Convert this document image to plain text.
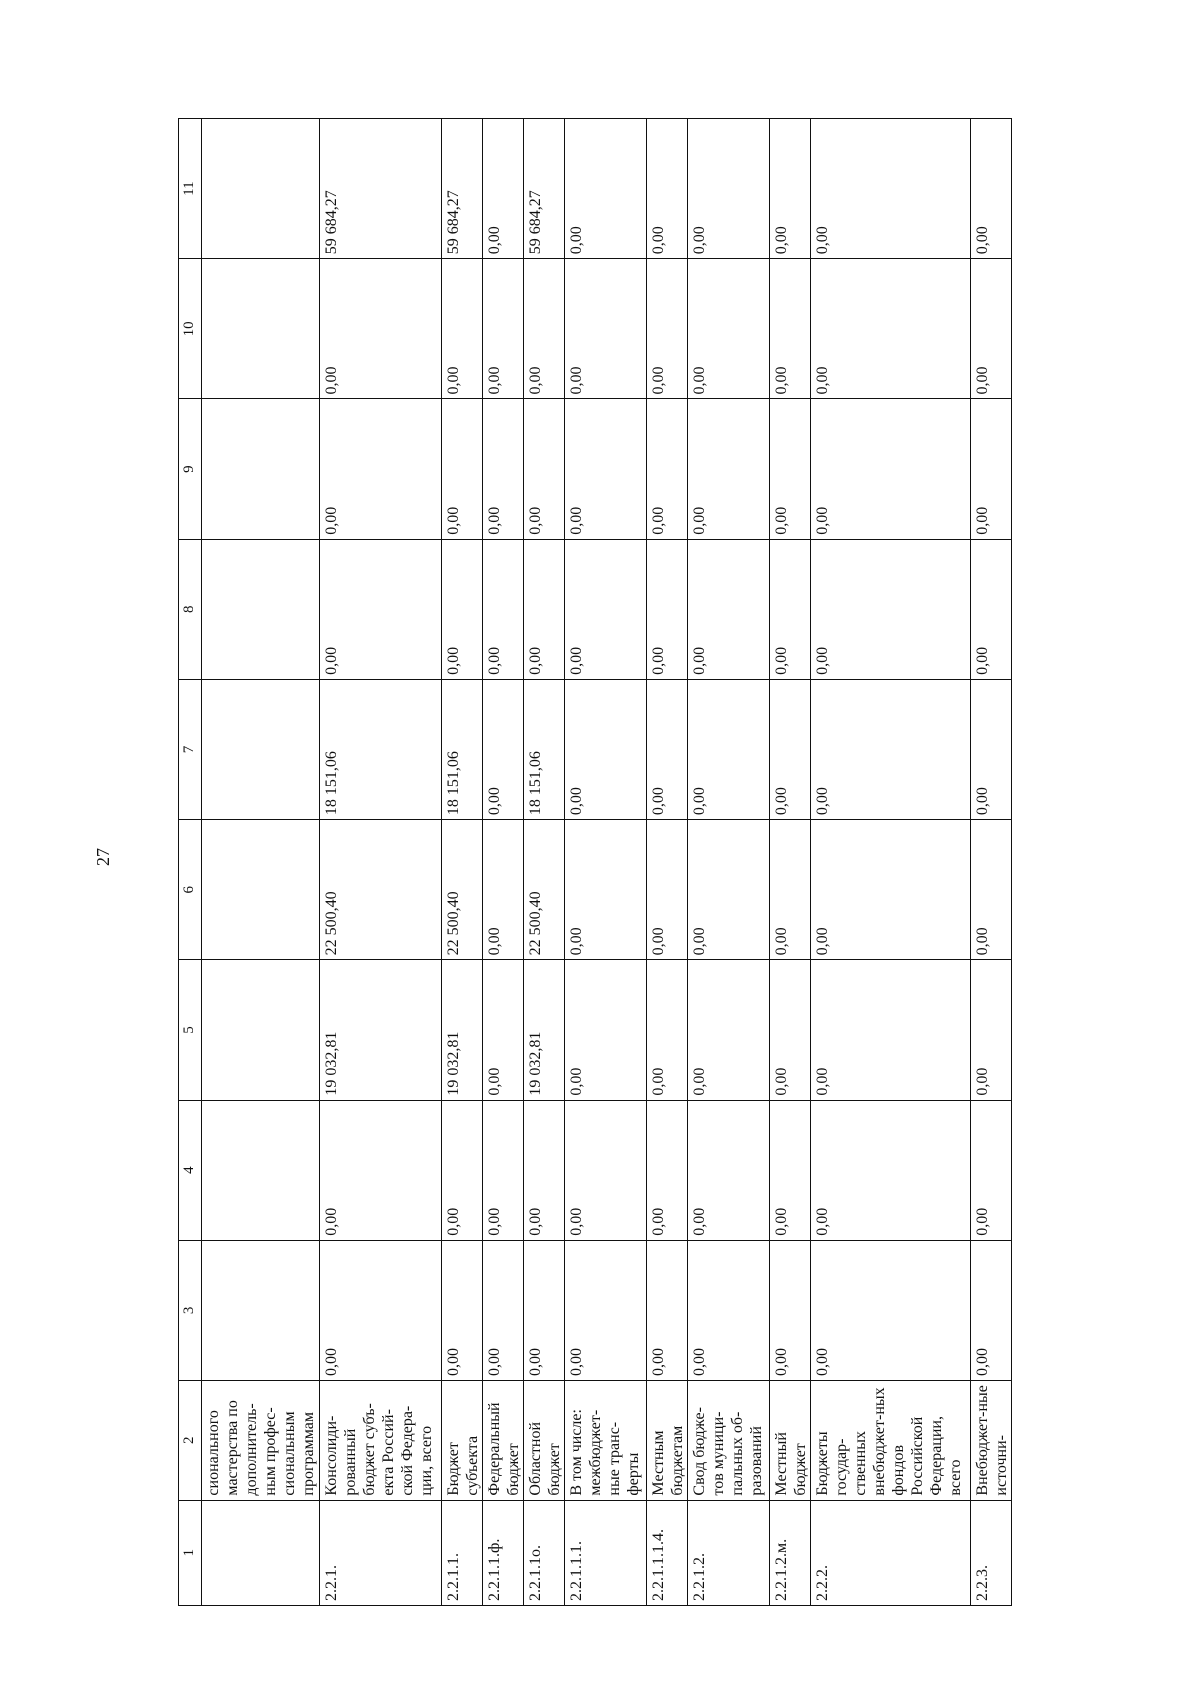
27
1	2	3	4	5	6	7	8	9	10	11
	сионального мастерства по дополнитель-ным профес-сиональным программам									
2.2.1.	Консолиди-рованный бюджет субъ-екта Россий-ской Федера-ции, всего	0,00	0,00	19 032,81	22 500,40	18 151,06	0,00	0,00	0,00	59 684,27
2.2.1.1.	Бюджет субъекта	0,00	0,00	19 032,81	22 500,40	18 151,06	0,00	0,00	0,00	59 684,27
2.2.1.1.ф.	Федеральный бюджет	0,00	0,00	0,00	0,00	0,00	0,00	0,00	0,00	0,00
2.2.1.1о.	Областной бюджет	0,00	0,00	19 032,81	22 500,40	18 151,06	0,00	0,00	0,00	59 684,27
2.2.1.1.1.	В том числе: межбюджет-ные транс-ферты	0,00	0,00	0,00	0,00	0,00	0,00	0,00	0,00	0,00
2.2.1.1.1.4.	Местным бюджетам	0,00	0,00	0,00	0,00	0,00	0,00	0,00	0,00	0,00
2.2.1.2.	Свод бюдже-тов муници-пальных об-разований	0,00	0,00	0,00	0,00	0,00	0,00	0,00	0,00	0,00
2.2.1.2.м.	Местный бюджет	0,00	0,00	0,00	0,00	0,00	0,00	0,00	0,00	0,00
2.2.2.	Бюджеты государ-ственных внебюджет-ных фондов Российской Федерации, всего	0,00	0,00	0,00	0,00	0,00	0,00	0,00	0,00	0,00
2.2.3.	Внебюджет-ные источни-	0,00	0,00	0,00	0,00	0,00	0,00	0,00	0,00	0,00
